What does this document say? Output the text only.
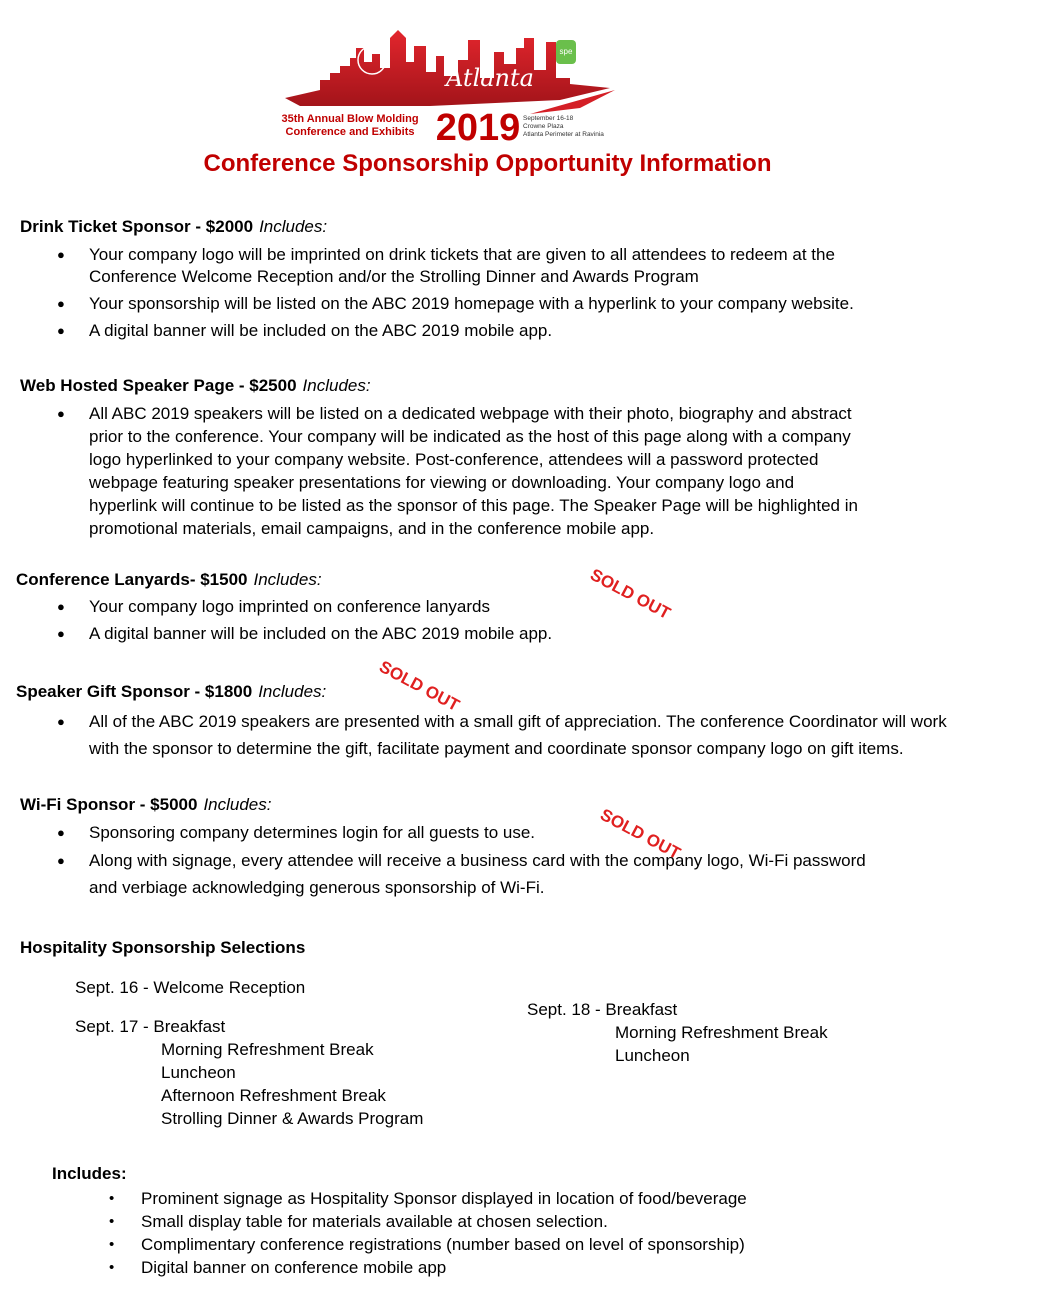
Atlanta
35th Annual Blow Molding
Conference and Exhibits 2019 September 16-18
Crowne Plaza
Atlanta Perimeter at Ravinia
spe
Conference Sponsorship Opportunity Information
Drink Ticket Sponsor - $2000 Includes:
● Your company logo will be imprinted on drink tickets that are given to all attendees to redeem at the
Conference Welcome Reception and/or the Strolling Dinner and Awards Program
● Your sponsorship will be listed on the ABC 2019 homepage with a hyperlink to your company website.
● A digital banner will be included on the ABC 2019 mobile app.
Web Hosted Speaker Page - $2500 Includes:
● All ABC 2019 speakers will be listed on a dedicated webpage with their photo, biography and abstract
prior to the conference. Your company will be indicated as the host of this page along with a company
logo hyperlinked to your company website. Post-conference, attendees will a password protected
webpage featuring speaker presentations for viewing or downloading. Your company logo and
hyperlink will continue to be listed as the sponsor of this page. The Speaker Page will be highlighted in
promotional materials, email campaigns, and in the conference mobile app.
Conference Lanyards- $1500 Includes:
● Your company logo imprinted on conference lanyards
● A digital banner will be included on the ABC 2019 mobile app.
SOLD OUT
Speaker Gift Sponsor - $1800 Includes:
● All of the ABC 2019 speakers are presented with a small gift of appreciation. The conference Coordinator will work
with the sponsor to determine the gift, facilitate payment and coordinate sponsor company logo on gift items.
SOLD OUT
Wi-Fi Sponsor - $5000 Includes:
● Sponsoring company determines login for all guests to use.
● Along with signage, every attendee will receive a business card with the company logo, Wi-Fi password
and verbiage acknowledging generous sponsorship of Wi-Fi.
SOLD OUT
Hospitality Sponsorship Selections
Sept. 16 - Welcome Reception
Sept. 17 - Breakfast
Morning Refreshment Break
Luncheon
Afternoon Refreshment Break
Strolling Dinner & Awards Program
Sept. 18 - Breakfast
Morning Refreshment Break
Luncheon
Includes:
• Prominent signage as Hospitality Sponsor displayed in location of food/beverage
• Small display table for materials available at chosen selection.
• Complimentary conference registrations (number based on level of sponsorship)
• Digital banner on conference mobile app
